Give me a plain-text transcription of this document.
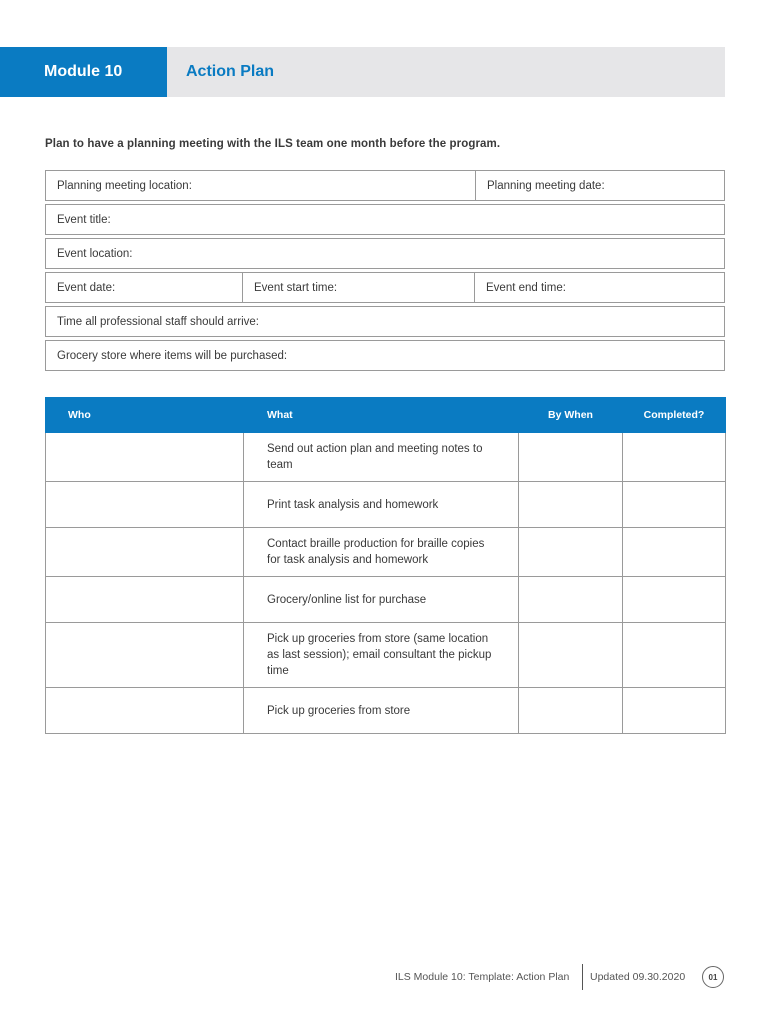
Module 10	Action Plan
Plan to have a planning meeting with the ILS team one month before the program.
Planning meeting location:	Planning meeting date:
Event title:
Event location:
Event date:	Event start time:	Event end time:
Time all professional staff should arrive:
Grocery store where items will be purchased:
Who	What	By When	Completed?
	Send out action plan and meeting notes to team		
	Print task analysis and homework		
	Contact braille production for braille copies for task analysis and homework		
	Grocery/online list for purchase		
	Pick up groceries from store (same location as last session); email consultant the pickup time		
	Pick up groceries from store		
ILS Module 10: Template: Action Plan Updated 09.30.2020	01
